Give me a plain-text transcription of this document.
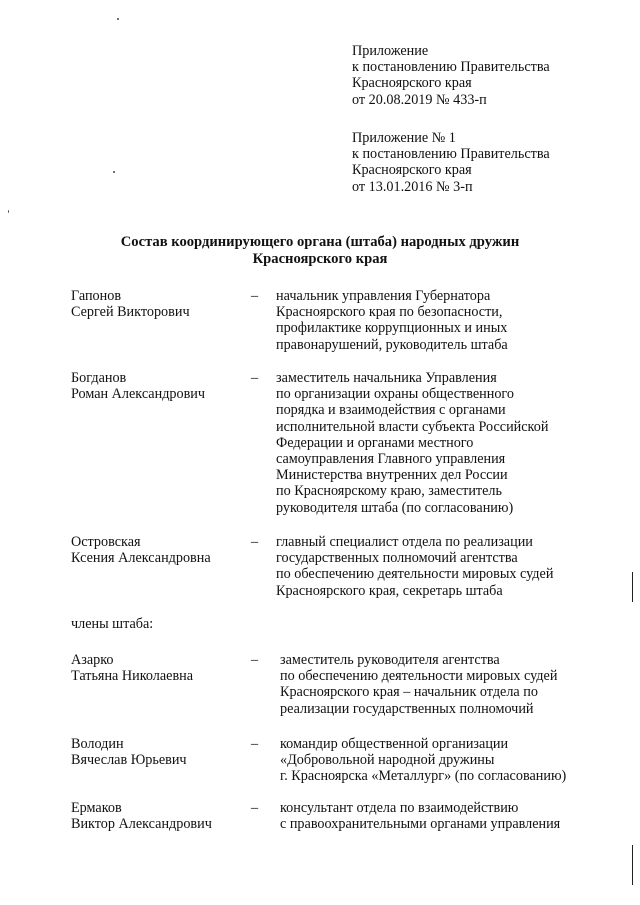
Приложение
к постановлению Правительства
Красноярского края
от 20.08.2019 № 433-п
Приложение № 1
к постановлению Правительства
Красноярского края
от 13.01.2016 № 3-п
Состав координирующего органа (штаба) народных дружин
Красноярского края
Гапонов
Сергей Викторович
– начальник управления Губернатора
Красноярского края по безопасности,
профилактике коррупционных и иных
правонарушений, руководитель штаба
Богданов
Роман Александрович
– заместитель начальника Управления
по организации охраны общественного
порядка и взаимодействия с органами
исполнительной власти субъекта Российской
Федерации и органами местного
самоуправления Главного управления
Министерства внутренних дел России
по Красноярскому краю, заместитель
руководителя штаба (по согласованию)
Островская
Ксения Александровна
– главный специалист отдела по реализации
государственных полномочий агентства
по обеспечению деятельности мировых судей
Красноярского края, секретарь штаба
члены штаба:
Азарко
Татьяна Николаевна
– заместитель руководителя агентства
по обеспечению деятельности мировых судей
Красноярского края – начальник отдела по
реализации государственных полномочий
Володин
Вячеслав Юрьевич
– командир общественной организации
«Добровольной народной дружины
г. Красноярска «Металлург» (по согласованию)
Ермаков
Виктор Александрович
– консультант отдела по взаимодействию
с правоохранительными органами управления
